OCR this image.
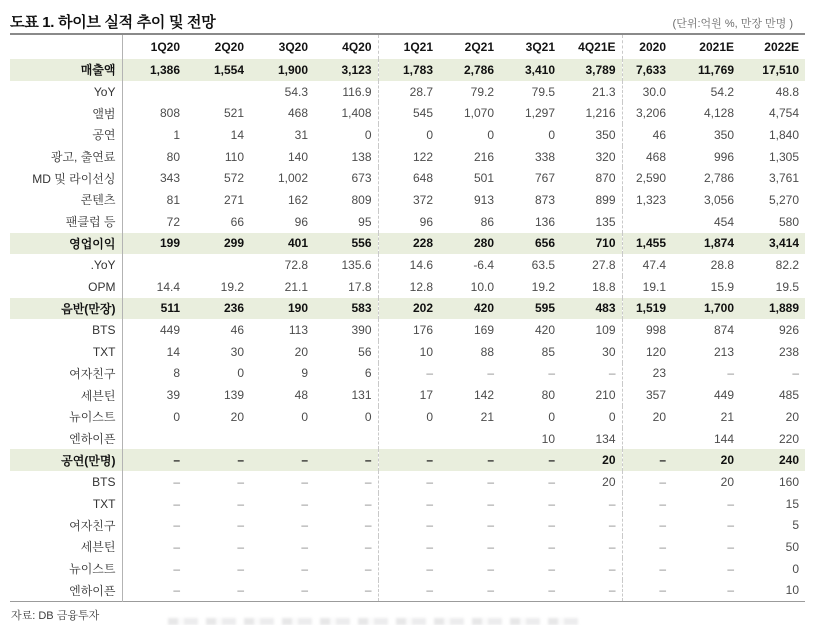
도표 1. 하이브 실적 추이 및 전망	(단위:억원 %, 만장 만명 )
	1Q20	2Q20	3Q20	4Q20	1Q21	2Q21	3Q21	4Q21E	2020	2021E	2022E
매출액	1,386	1,554	1,900	3,123	1,783	2,786	3,410	3,789	7,633	11,769	17,510
YoY			54.3	116.9	28.7	79.2	79.5	21.3	30.0	54.2	48.8
앨범	808	521	468	1,408	545	1,070	1,297	1,216	3,206	4,128	4,754
공연	1	14	31	0	0	0	0	350	46	350	1,840
광고, 출연료	80	110	140	138	122	216	338	320	468	996	1,305
MD 및 라이선싱	343	572	1,002	673	648	501	767	870	2,590	2,786	3,761
콘텐츠	81	271	162	809	372	913	873	899	1,323	3,056	5,270
팬클럽 등	72	66	96	95	96	86	136	135		454	580
영업이익	199	299	401	556	228	280	656	710	1,455	1,874	3,414
.YoY			72.8	135.6	14.6	-6.4	63.5	27.8	47.4	28.8	82.2
OPM	14.4	19.2	21.1	17.8	12.8	10.0	19.2	18.8	19.1	15.9	19.5
음반(만장)	511	236	190	583	202	420	595	483	1,519	1,700	1,889
BTS	449	46	113	390	176	169	420	109	998	874	926
TXT	14	30	20	56	10	88	85	30	120	213	238
여자친구	8	0	9	6	–	–	–	–	23	–	–
세븐틴	39	139	48	131	17	142	80	210	357	449	485
뉴이스트	0	20	0	0	0	21	0	0	20	21	20
엔하이픈							10	134		144	220
공연(만명)	–	–	–	–	–	–	–	20	–	20	240
BTS	–	–	–	–	–	–	–	20	–	20	160
TXT	–	–	–	–	–	–	–	–	–	–	15
여자친구	–	–	–	–	–	–	–	–	–	–	5
세븐틴	–	–	–	–	–	–	–	–	–	–	50
뉴이스트	–	–	–	–	–	–	–	–	–	–	0
엔하이픈	–	–	–	–	–	–	–	–	–	–	10
자료: DB 금융투자
